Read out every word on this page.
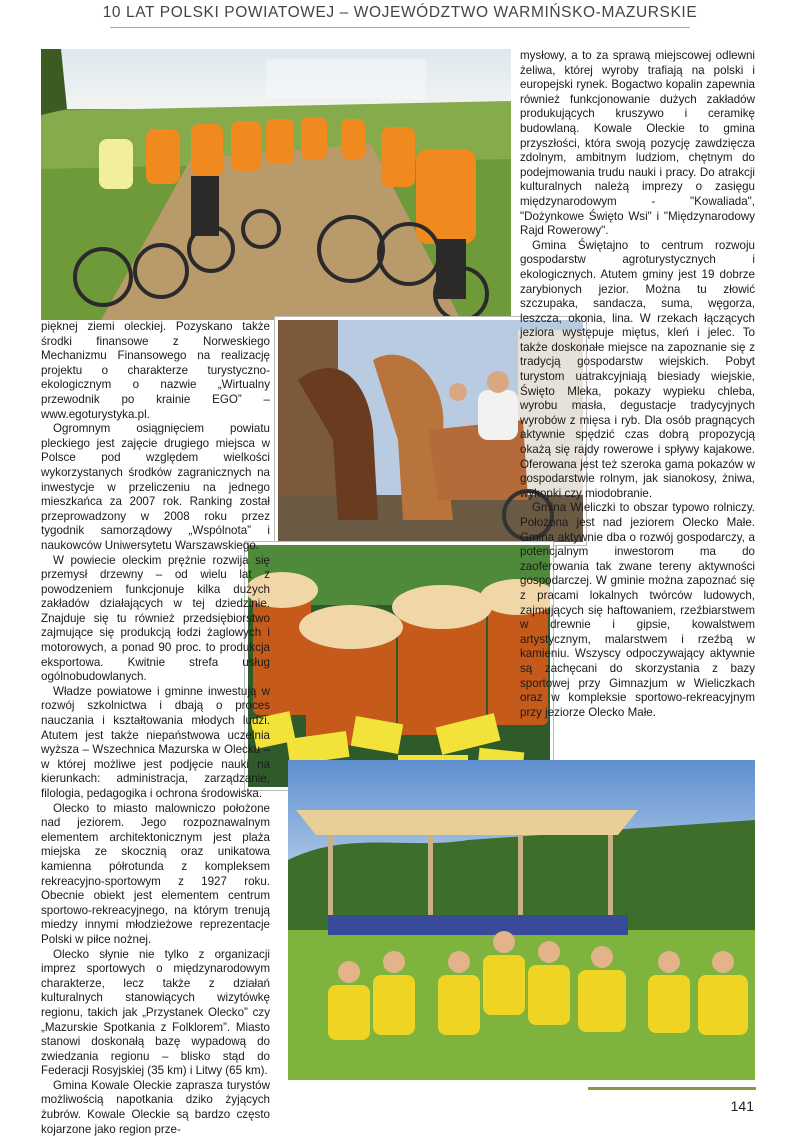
10 LAT POLSKI POWIATOWEJ – WOJEWÓDZTWO WARMIŃSKO-MAZURSKIE

pięknej ziemi oleckiej. Pozyskano także środki finansowe z Norweskiego Mechanizmu Finansowego na realizację projektu o charakterze turystyczno-ekologicznym o nazwie „Wirtualny przewodnik po krainie EGO” – www.egoturystyka.pl.

Ogromnym osiągnięciem powiatu pleckiego jest zajęcie drugiego miejsca w Polsce pod względem wielkości wykorzystanych środków zagranicznych na inwestycje w przeliczeniu na jednego mieszkańca za 2007 rok. Ranking został przeprowadzony w 2008 roku przez tygodnik samorządowy „Wspólnota” i naukowców Uniwersytetu Warszawskiego.

W powiecie oleckim prężnie rozwija się przemysł drzewny – od wielu lat z powodzeniem funkcjonuje kilka dużych zakładów działających w tej dziedzinie. Znajduje się tu również przedsiębiorstwo zajmujące się produkcją łodzi żaglowych i motorowych, a ponad 90 proc. to produkcja eksportowa. Kwitnie strefa usług ogólnobudowlanych.

Władze powiatowe i gminne inwestują w rozwój szkolnictwa i dbają o proces nauczania i kształtowania młodych ludzi. Atutem jest także niepaństwowa uczelnia wyższa – Wszechnica Mazurska w Olecku – w której możliwe jest podjęcie nauki na kierunkach: administracja, zarządzanie, filologia, pedagogika i ochrona środowiska.

Olecko to miasto malowniczo położone nad jeziorem. Jego rozpoznawalnym elementem architektonicznym jest plaża miejska ze skocznią oraz unikatowa kamienna półrotunda z kompleksem rekreacyjno-sportowym z 1927 roku. Obecnie obiekt jest elementem centrum sportowo-rekreacyjnego, na którym trenują miedzy innymi młodzieżowe reprezentacje Polski w piłce nożnej.

Olecko słynie nie tylko z organizacji imprez sportowych o międzynarodowym charakterze, lecz także z działań kulturalnych stanowiących wizytówkę regionu, takich jak „Przystanek Olecko” czy „Mazurskie Spotkania z Folklorem”. Miasto stanowi doskonałą bazę wypadową do zwiedzania regionu – blisko stąd do Federacji Rosyjskiej (35 km) i Litwy (65 km).

Gmina Kowale Oleckie zaprasza turystów możliwością napotkania dziko żyjących żubrów. Kowale Oleckie są bardzo często kojarzone jako region prze-

mysłowy, a to za sprawą miejscowej odlewni żeliwa, której wyroby trafiają na polski i europejski rynek. Bogactwo kopalin zapewnia również funkcjonowanie dużych zakładów produkujących kruszywo i ceramikę budowlaną. Kowale Oleckie to gmina przyszłości, która swoją pozycję zawdzięcza zdolnym, ambitnym ludziom, chętnym do podejmowania trudu nauki i pracy. Do atrakcji kulturalnych należą imprezy o zasięgu międzynarodowym - "Kowaliada", "Dożynkowe Święto Wsi" i "Międzynarodowy Rajd Rowerowy".

Gmina Świętajno to centrum rozwoju gospodarstw agroturystycznych i ekologicznych. Atutem gminy jest 19 dobrze zarybionych jezior. Można tu złowić szczupaka, sandacza, suma, węgorza, leszcza, okonia, lina. W rzekach łączących jeziora występuje miętus, kleń i jelec. To także doskonałe miejsce na zapoznanie się z tradycją gospodarstw wiejskich. Pobyt turystom uatrakcyjniają biesiady wiejskie, Święto Mleka, pokazy wypieku chleba, wyrobu masła, degustacje tradycyjnych wyrobów z mięsa i ryb. Dla osób pragnących aktywnie spędzić czas dobrą propozycją okażą się rajdy rowerowe i spływy kajakowe. Oferowana jest też szeroka gama pokazów w gospodarstwie rolnym, jak sianokosy, żniwa, wykopki czy miodobranie.

Gmina Wieliczki to obszar typowo rolniczy. Położona jest nad jeziorem Olecko Małe. Gmina aktywnie dba o rozwój gospodarczy, a potencjalnym inwestorom ma do zaoferowania tak zwane tereny aktywności gospodarczej. W gminie można zapoznać się z pracami lokalnych twórców ludowych, zajmujących się haftowaniem, rzeźbiarstwem w drewnie i gipsie, kowalstwem artystycznym, malarstwem i rzeźbą w kamieniu. Wszyscy odpoczywający aktywnie są zachęcani do skorzystania z bazy sportowej przy Gimnazjum w Wieliczkach oraz w kompleksie sportowo-rekreacyjnym przy jeziorze Olecko Małe.

141
